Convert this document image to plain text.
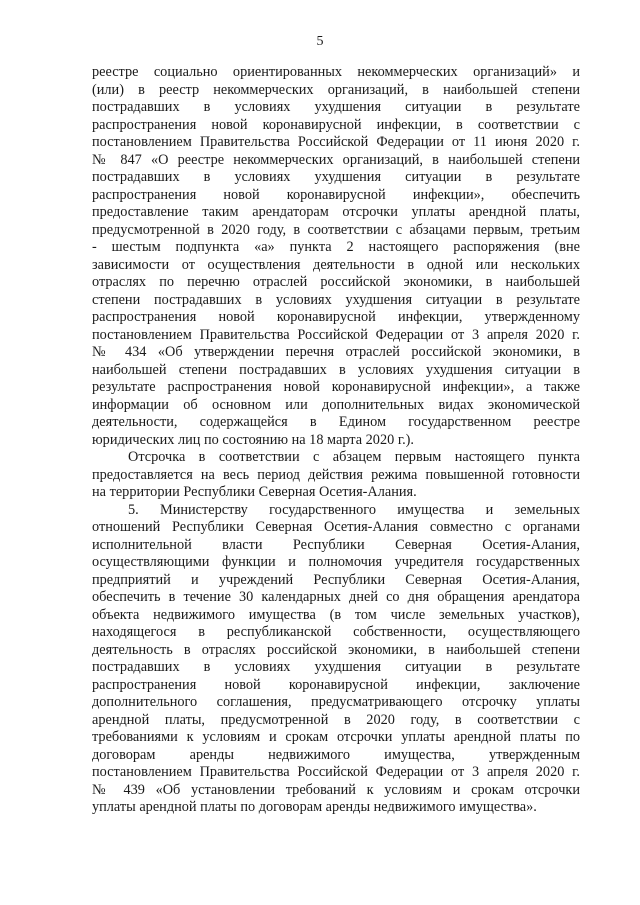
5
реестре социально ориентированных некоммерческих организаций» и
(или) в реестр некоммерческих организаций, в наибольшей степени
пострадавших в условиях ухудшения ситуации в результате
распространения новой коронавирусной инфекции, в соответствии с
постановлением Правительства Российской Федерации от 11 июня 2020 г.
№ 847 «О реестре некоммерческих организаций, в наибольшей степени
пострадавших в условиях ухудшения ситуации в результате
распространения новой коронавирусной инфекции», обеспечить
предоставление таким арендаторам отсрочки уплаты арендной платы,
предусмотренной в 2020 году, в соответствии с абзацами первым, третьим
- шестым подпункта «а» пункта 2 настоящего распоряжения (вне
зависимости от осуществления деятельности в одной или нескольких
отраслях по перечню отраслей российской экономики, в наибольшей
степени пострадавших в условиях ухудшения ситуации в результате
распространения новой коронавирусной инфекции, утвержденному
постановлением Правительства Российской Федерации от 3 апреля 2020 г.
№ 434 «Об утверждении перечня отраслей российской экономики, в
наибольшей степени пострадавших в условиях ухудшения ситуации в
результате распространения новой коронавирусной инфекции», а также
информации об основном или дополнительных видах экономической
деятельности, содержащейся в Едином государственном реестре
юридических лиц по состоянию на 18 марта 2020 г.).
Отсрочка в соответствии с абзацем первым настоящего пункта
предоставляется на весь период действия режима повышенной готовности
на территории Республики Северная Осетия-Алания.
5. Министерству государственного имущества и земельных
отношений Республики Северная Осетия-Алания совместно с органами
исполнительной власти Республики Северная Осетия-Алания,
осуществляющими функции и полномочия учредителя государственных
предприятий и учреждений Республики Северная Осетия-Алания,
обеспечить в течение 30 календарных дней со дня обращения арендатора
объекта недвижимого имущества (в том числе земельных участков),
находящегося в республиканской собственности, осуществляющего
деятельность в отраслях российской экономики, в наибольшей степени
пострадавших в условиях ухудшения ситуации в результате
распространения новой коронавирусной инфекции, заключение
дополнительного соглашения, предусматривающего отсрочку уплаты
арендной платы, предусмотренной в 2020 году, в соответствии с
требованиями к условиям и срокам отсрочки уплаты арендной платы по
договорам аренды недвижимого имущества, утвержденным
постановлением Правительства Российской Федерации от 3 апреля 2020 г.
№ 439 «Об установлении требований к условиям и срокам отсрочки
уплаты арендной платы по договорам аренды недвижимого имущества».
